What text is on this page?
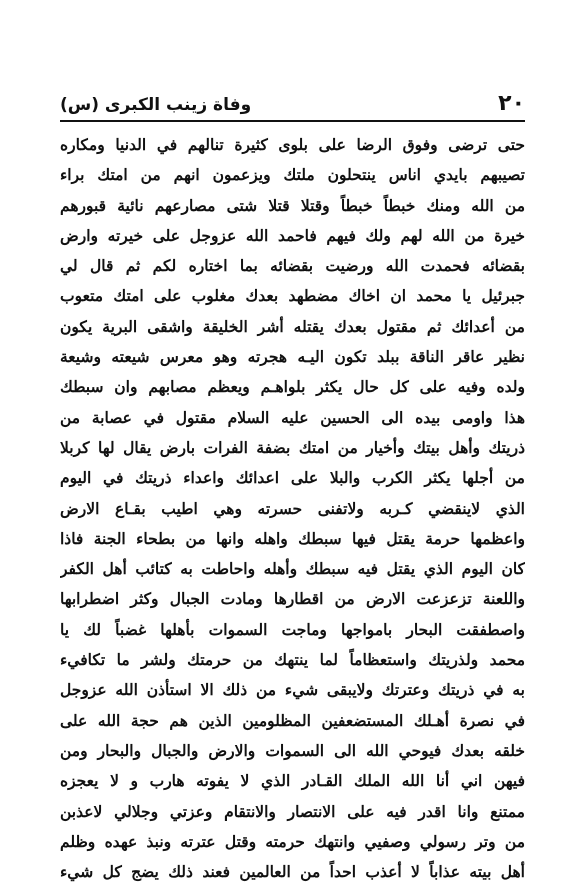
٢٠
وفاة زينب الكبرى (س)
حتى ترضى وفوق الرضا على بلوى كثيرة تنالهم في الدنيا ومكاره
تصيبهم بايدي اناس ينتحلون ملتك ويزعمون انهم من امتك براء
من الله ومنك خبطاً خبطاً وقتلا قتلا شتى مصارعهم نائية قبورهم
خيرة من الله لهم ولك فيهم فاحمد الله عزوجل على خيرته وارض
بقضائه فحمدت الله ورضيت بقضائه بما اختاره لكم ثم قال لي
جبرئيل يا محمد ان اخاك مضطهد بعدك مغلوب على امتك متعوب
من أعدائك ثم مقتول بعدك يقتله أشر الخليقة واشقى البرية يكون
نظير عاقر الناقة ببلد تكون اليـه هجرته وهو معرس شيعته وشيعة
ولده وفيه على كل حال يكثر بلواهـم ويعظم مصابهم وان سبطك
هذا واومى بيده الى الحسين عليه السلام مقتول في عصابة من
ذريتك وأهل بيتك وأخيار من امتك بضفة الفرات بارض يقال لها كربلا
من أجلها يكثر الكرب والبلا على اعدائك واعداء ذريتك في اليوم
الذي لاينقضي كـربه ولاتفنى حسرته وهي اطيب بقـاع الارض
واعظمها حرمة يقتل فيها سبطك واهله وانها من بطحاء الجنة فاذا
كان اليوم الذي يقتل فيه سبطك وأهله واحاطت به كتائب أهل الكفر
واللعنة تزعزعت الارض من اقطارها ومادت الجبال وكثر اضطرابها
واصطفقت البحار بامواجها وماجت السموات بأهلها غضباً لك يا
محمد ولذريتك واستعظاماً لما ينتهك من حرمتك ولشر ما تكافيء
به في ذريتك وعترتك ولايبقى شيء من ذلك الا استأذن الله عزوجل
في نصرة أهـلك المستضعفين المظلومين الذين هم حجة الله على
خلقه بعدك فيوحي الله الى السموات والارض والجبال والبحار ومن
فيهن اني أنا الله الملك القـادر الذي لا يفوته هارب و لا يعجزه
ممتنع وانا اقدر فيه على الانتصار والانتقام وعزتي وجلالي لاعذبن
من وتر رسولي وصفيي وانتهك حرمته وقتل عترته ونبذ عهده وظلم
أهل بيته عذاباً لا أعذب احداً من العالمين فعند ذلك يضج كل شيء
